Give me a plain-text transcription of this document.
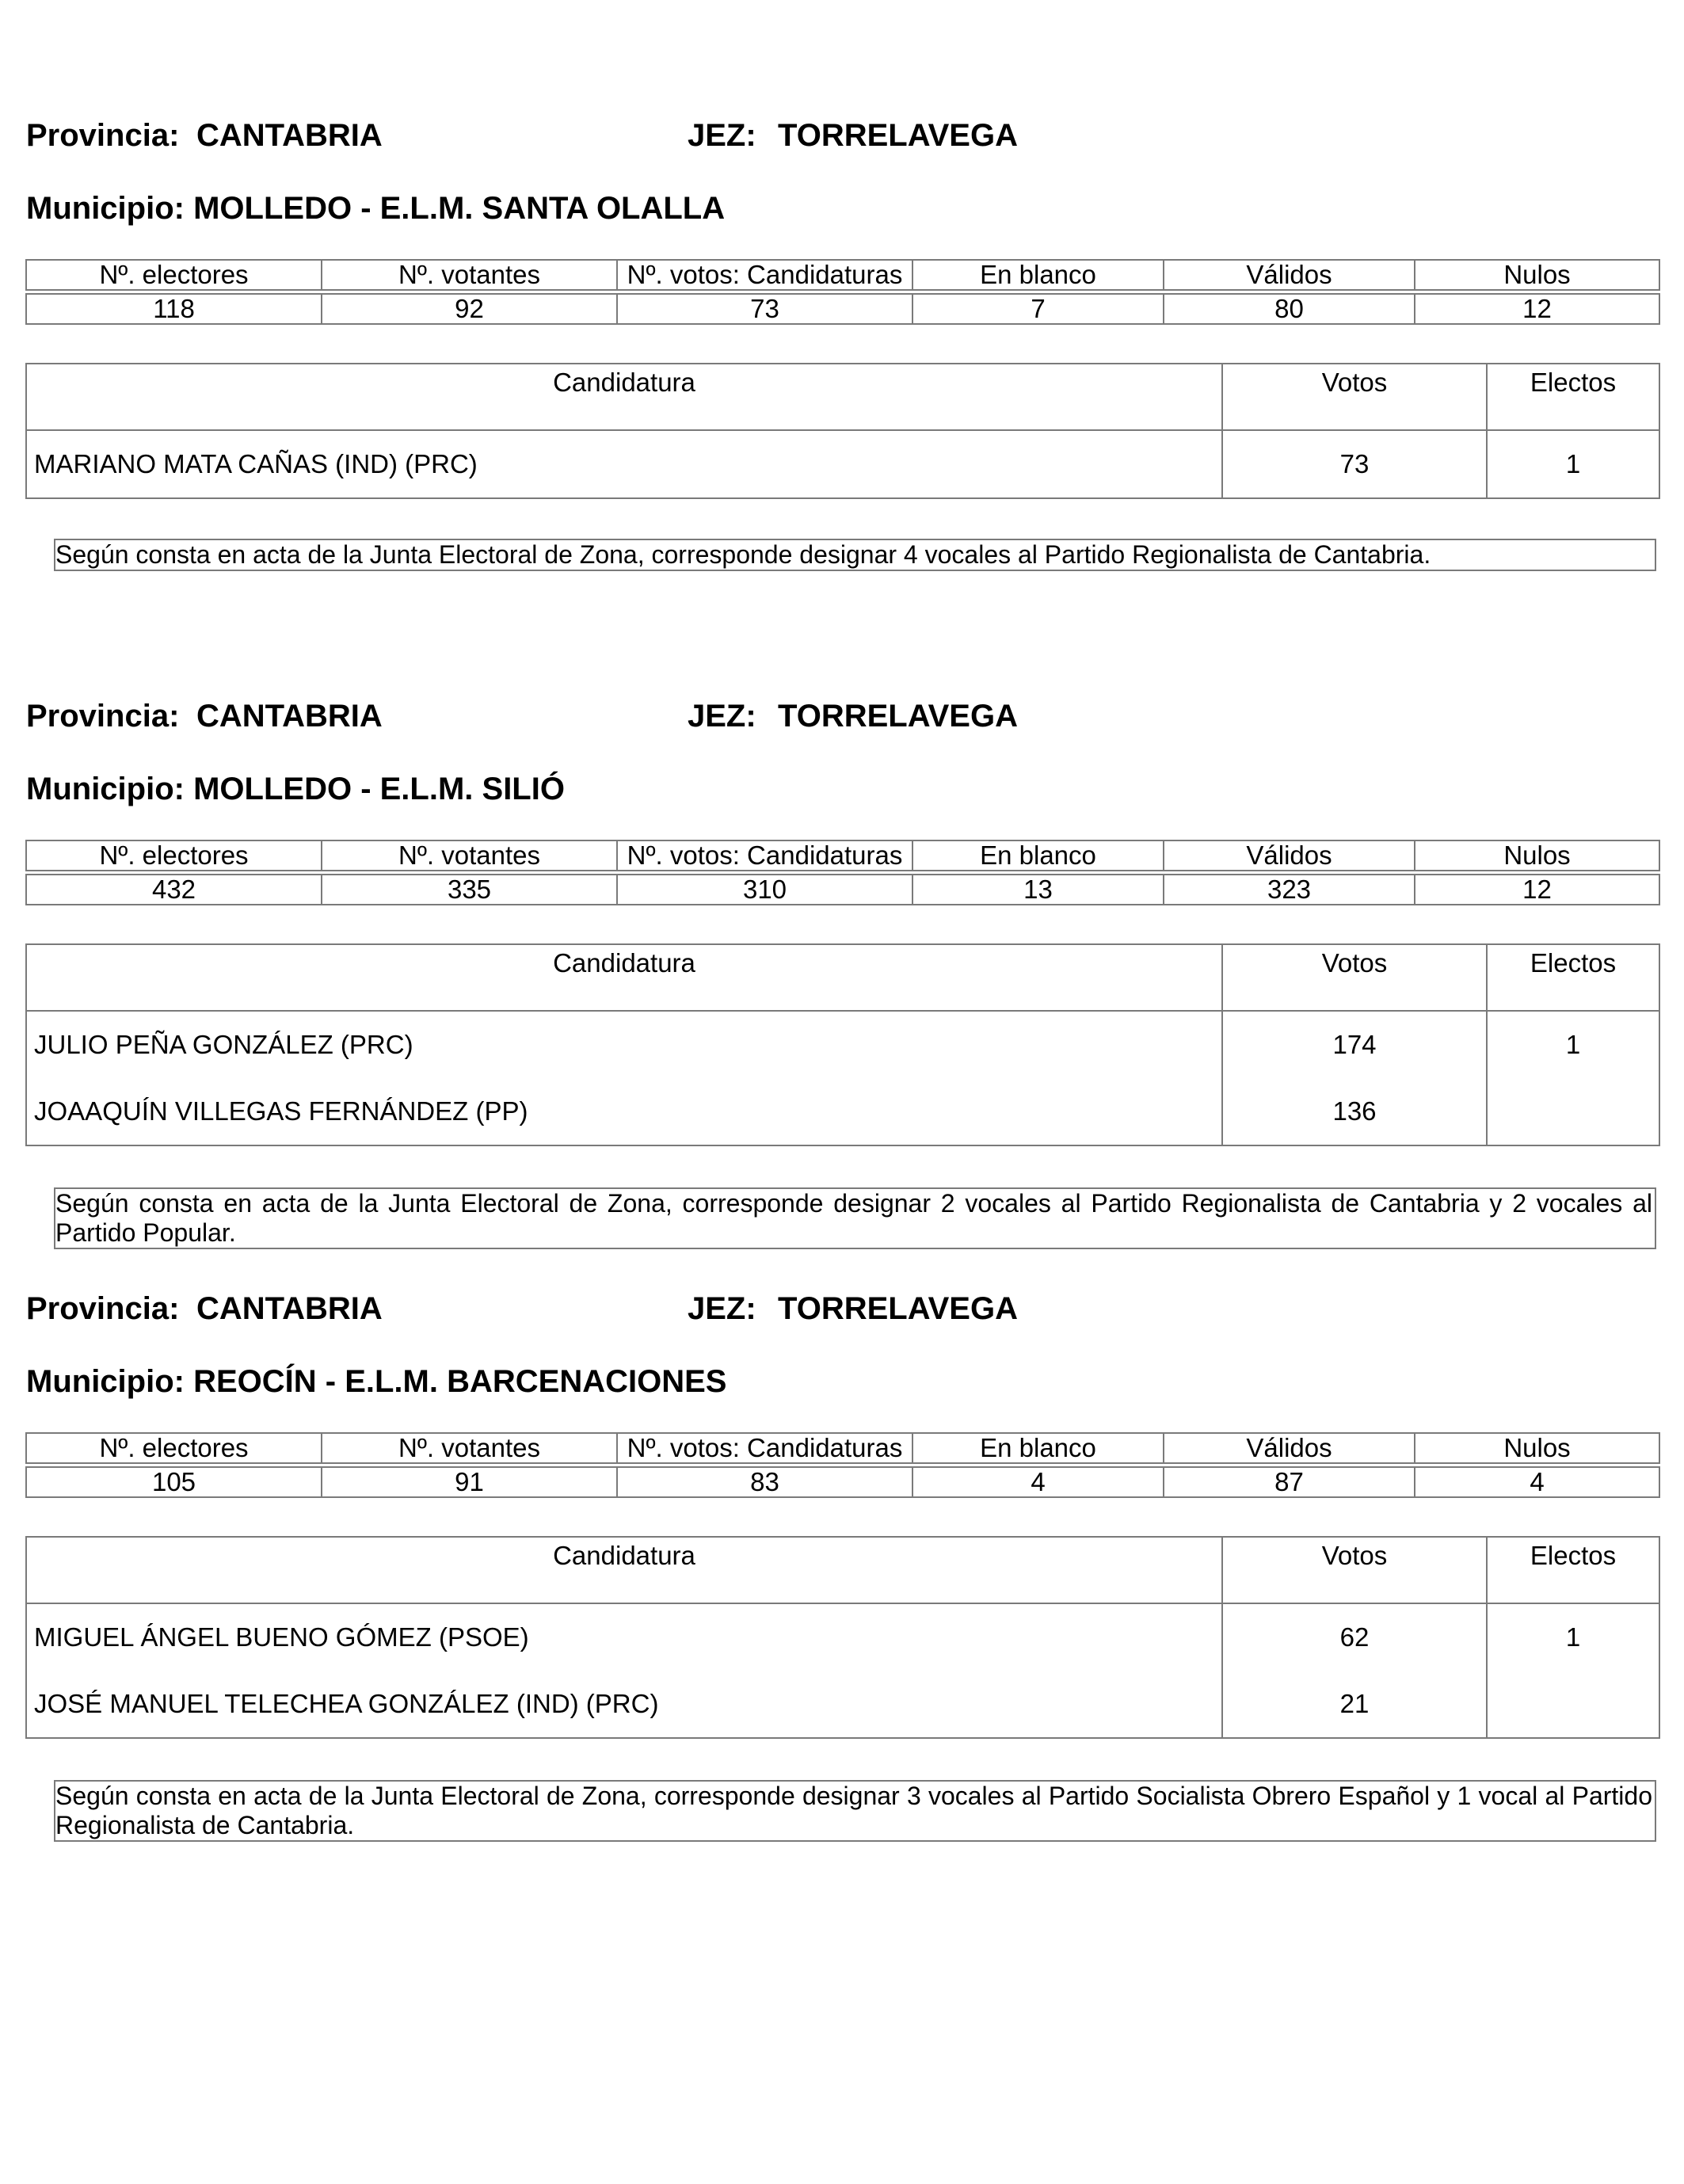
Provincia: CANTABRIA	JEZ: TORRELAVEGA
Municipio: MOLLEDO - E.L.M. SANTA OLALLA
Nº. electores	Nº. votantes	Nº. votos: Candidaturas	En blanco	Válidos	Nulos

118	92	73	7	80	12
Candidatura	Votos	Electos
MARIANO MATA CAÑAS (IND) (PRC)	73	1
Según consta en acta de la Junta Electoral de Zona, corresponde designar 4 vocales al Partido Regionalista de Cantabria.
Provincia: CANTABRIA	JEZ: TORRELAVEGA
Municipio: MOLLEDO - E.L.M. SILIÓ
Nº. electores	Nº. votantes	Nº. votos: Candidaturas	En blanco	Válidos	Nulos

432	335	310	13	323	12
Candidatura	Votos	Electos
JULIO PEÑA GONZÁLEZ (PRC)	174	1
JOAAQUÍN VILLEGAS FERNÁNDEZ (PP)	136	
Según consta en acta de la Junta Electoral de Zona, corresponde designar 2 vocales al Partido Regionalista de Cantabria y 2 vocales al Partido Popular.
Provincia: CANTABRIA	JEZ: TORRELAVEGA
Municipio: REOCÍN - E.L.M. BARCENACIONES
Nº. electores	Nº. votantes	Nº. votos: Candidaturas	En blanco	Válidos	Nulos

105	91	83	4	87	4
Candidatura	Votos	Electos
MIGUEL ÁNGEL BUENO GÓMEZ (PSOE)	62	1
JOSÉ MANUEL TELECHEA GONZÁLEZ (IND) (PRC)	21	
Según consta en acta de la Junta Electoral de Zona, corresponde designar 3 vocales al Partido Socialista Obrero Español y 1 vocal al Partido Regionalista de Cantabria.
